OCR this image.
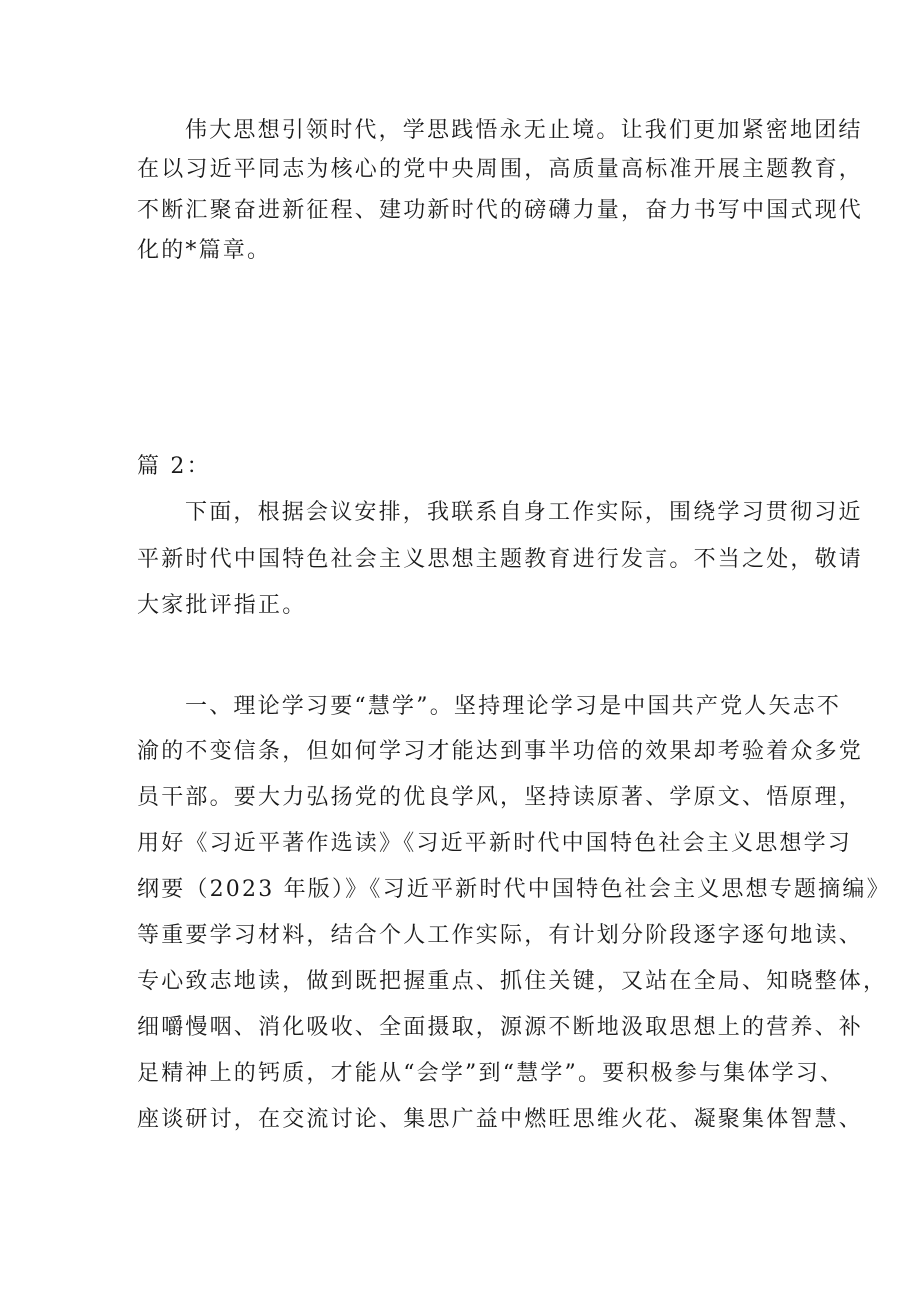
伟大思想引领时代，学思践悟永无止境。让我们更加紧密地团结
在以习近平同志为核心的党中央周围，高质量高标准开展主题教育，
不断汇聚奋进新征程、建功新时代的磅礴力量，奋力书写中国式现代
化的*篇章。
篇 2：
下面，根据会议安排，我联系自身工作实际，围绕学习贯彻习近
平新时代中国特色社会主义思想主题教育进行发言。不当之处，敬请
大家批评指正。
一、理论学习要“慧学”。坚持理论学习是中国共产党人矢志不
渝的不变信条，但如何学习才能达到事半功倍的效果却考验着众多党
员干部。要大力弘扬党的优良学风，坚持读原著、学原文、悟原理，
用好《习近平著作选读》《习近平新时代中国特色社会主义思想学习
纲要（2023 年版）》《习近平新时代中国特色社会主义思想专题摘编》
等重要学习材料，结合个人工作实际，有计划分阶段逐字逐句地读、
专心致志地读，做到既把握重点、抓住关键，又站在全局、知晓整体，
细嚼慢咽、消化吸收、全面摄取，源源不断地汲取思想上的营养、补
足精神上的钙质，才能从“会学”到“慧学”。要积极参与集体学习、
座谈研讨，在交流讨论、集思广益中燃旺思维火花、凝聚集体智慧、
